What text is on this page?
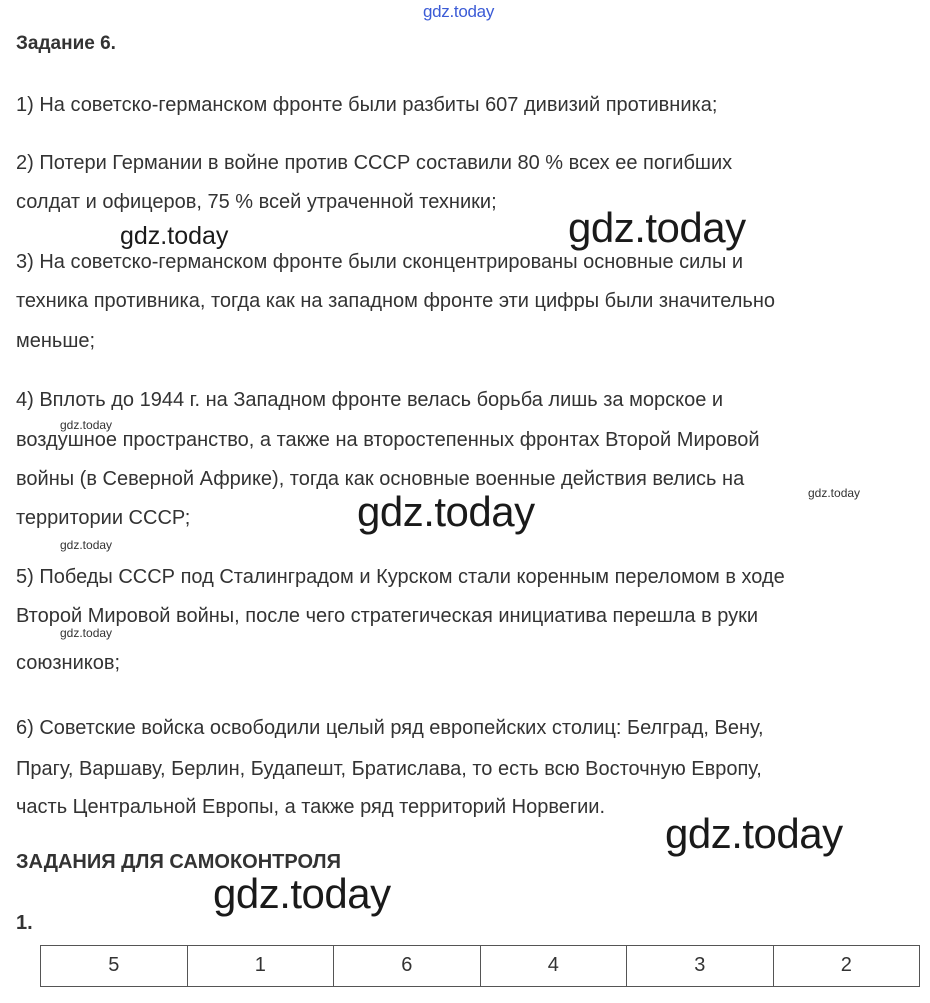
gdz.today
Задание 6.
1) На советско-германском фронте были разбиты 607 дивизий противника;
2) Потери Германии в войне против СССР составили 80 % всех ее погибших
солдат и офицеров, 75 % всей утраченной техники;
3) На советско-германском фронте были сконцентрированы основные силы и
техника противника, тогда как на западном фронте эти цифры были значительно
меньше;
4) Вплоть до 1944 г. на Западном фронте велась борьба лишь за морское и
воздушное пространство, а также на второстепенных фронтах Второй Мировой
войны (в Северной Африке), тогда как основные военные действия велись на
территории СССР;
5) Победы СССР под Сталинградом и Курском стали коренным переломом в ходе
Второй Мировой войны, после чего стратегическая инициатива перешла в руки
союзников;
6) Советские войска освободили целый ряд европейских столиц: Белград, Вену,
Прагу, Варшаву, Берлин, Будапешт, Братислава, то есть всю Восточную Европу,
часть Центральной Европы, а также ряд территорий Норвегии.
ЗАДАНИЯ ДЛЯ САМОКОНТРОЛЯ
1.
5	1	6	4	3	2
gdz.today	gdz.today
gdz.today
gdz.today
gdz.today
gdz.today
gdz.today
gdz.today
gdz.today
